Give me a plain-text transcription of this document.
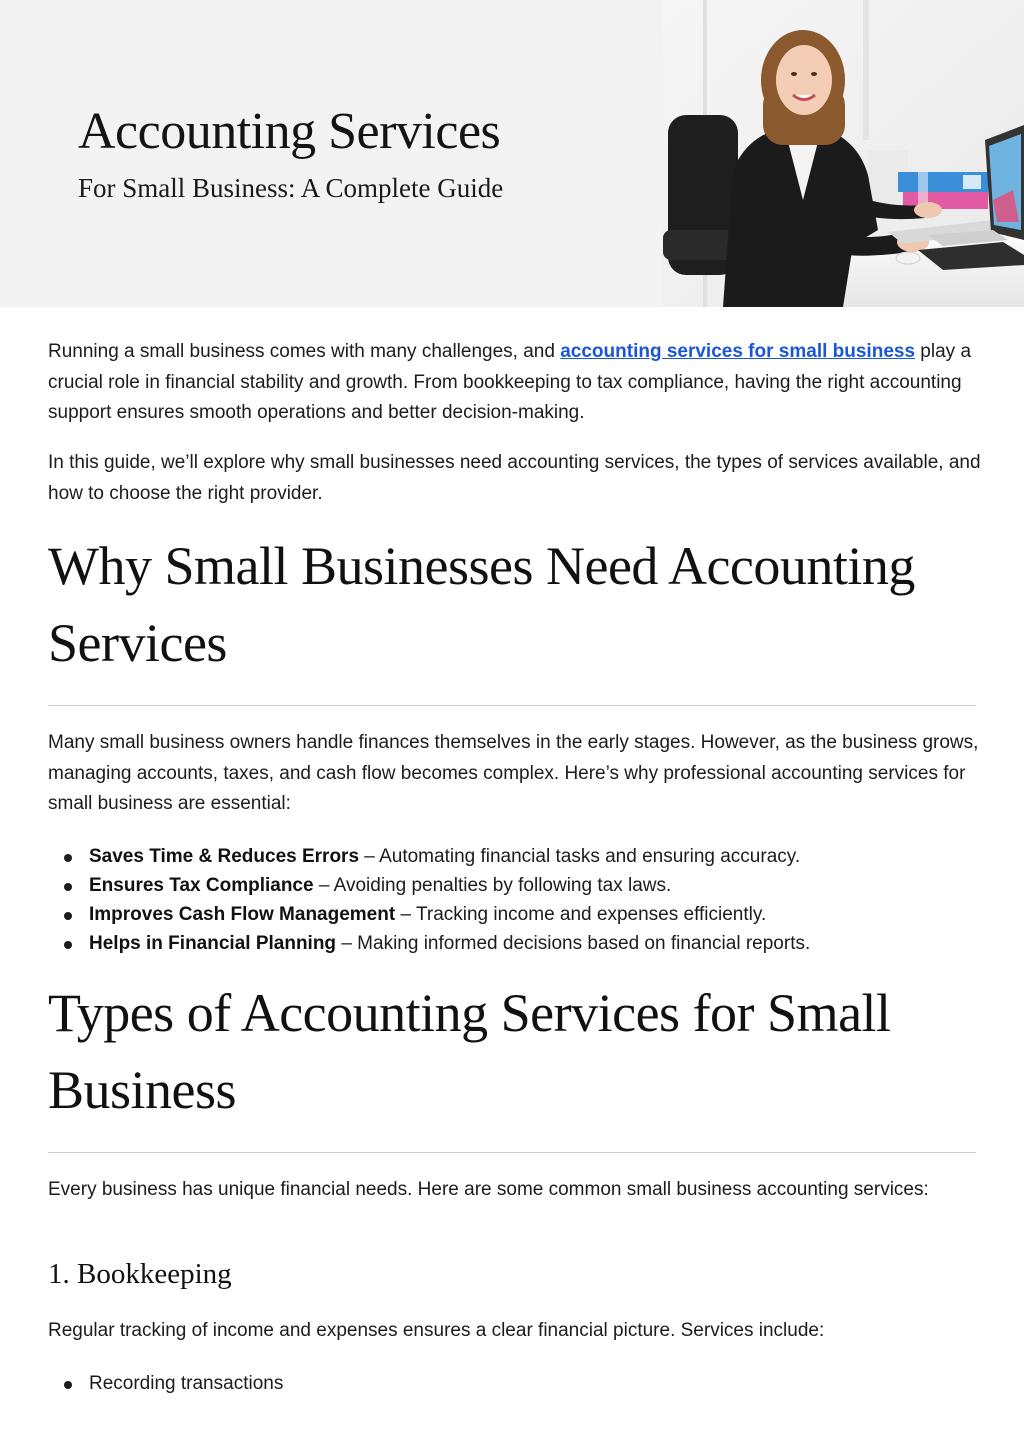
Accounting Services
For Small Business: A Complete Guide

Running a small business comes with many challenges, and accounting services for small business play a crucial role in financial stability and growth. From bookkeeping to tax compliance, having the right accounting support ensures smooth operations and better decision-making.

In this guide, we’ll explore why small businesses need accounting services, the types of services available, and how to choose the right provider.

Why Small Businesses Need Accounting Services

Many small business owners handle finances themselves in the early stages. However, as the business grows, managing accounts, taxes, and cash flow becomes complex. Here’s why professional accounting services for small business are essential:

Saves Time & Reduces Errors – Automating financial tasks and ensuring accuracy.
Ensures Tax Compliance – Avoiding penalties by following tax laws.
Improves Cash Flow Management – Tracking income and expenses efficiently.
Helps in Financial Planning – Making informed decisions based on financial reports.
Types of Accounting Services for Small Business

Every business has unique financial needs. Here are some common small business accounting services:

1. Bookkeeping

Regular tracking of income and expenses ensures a clear financial picture. Services include:

Recording transactions
